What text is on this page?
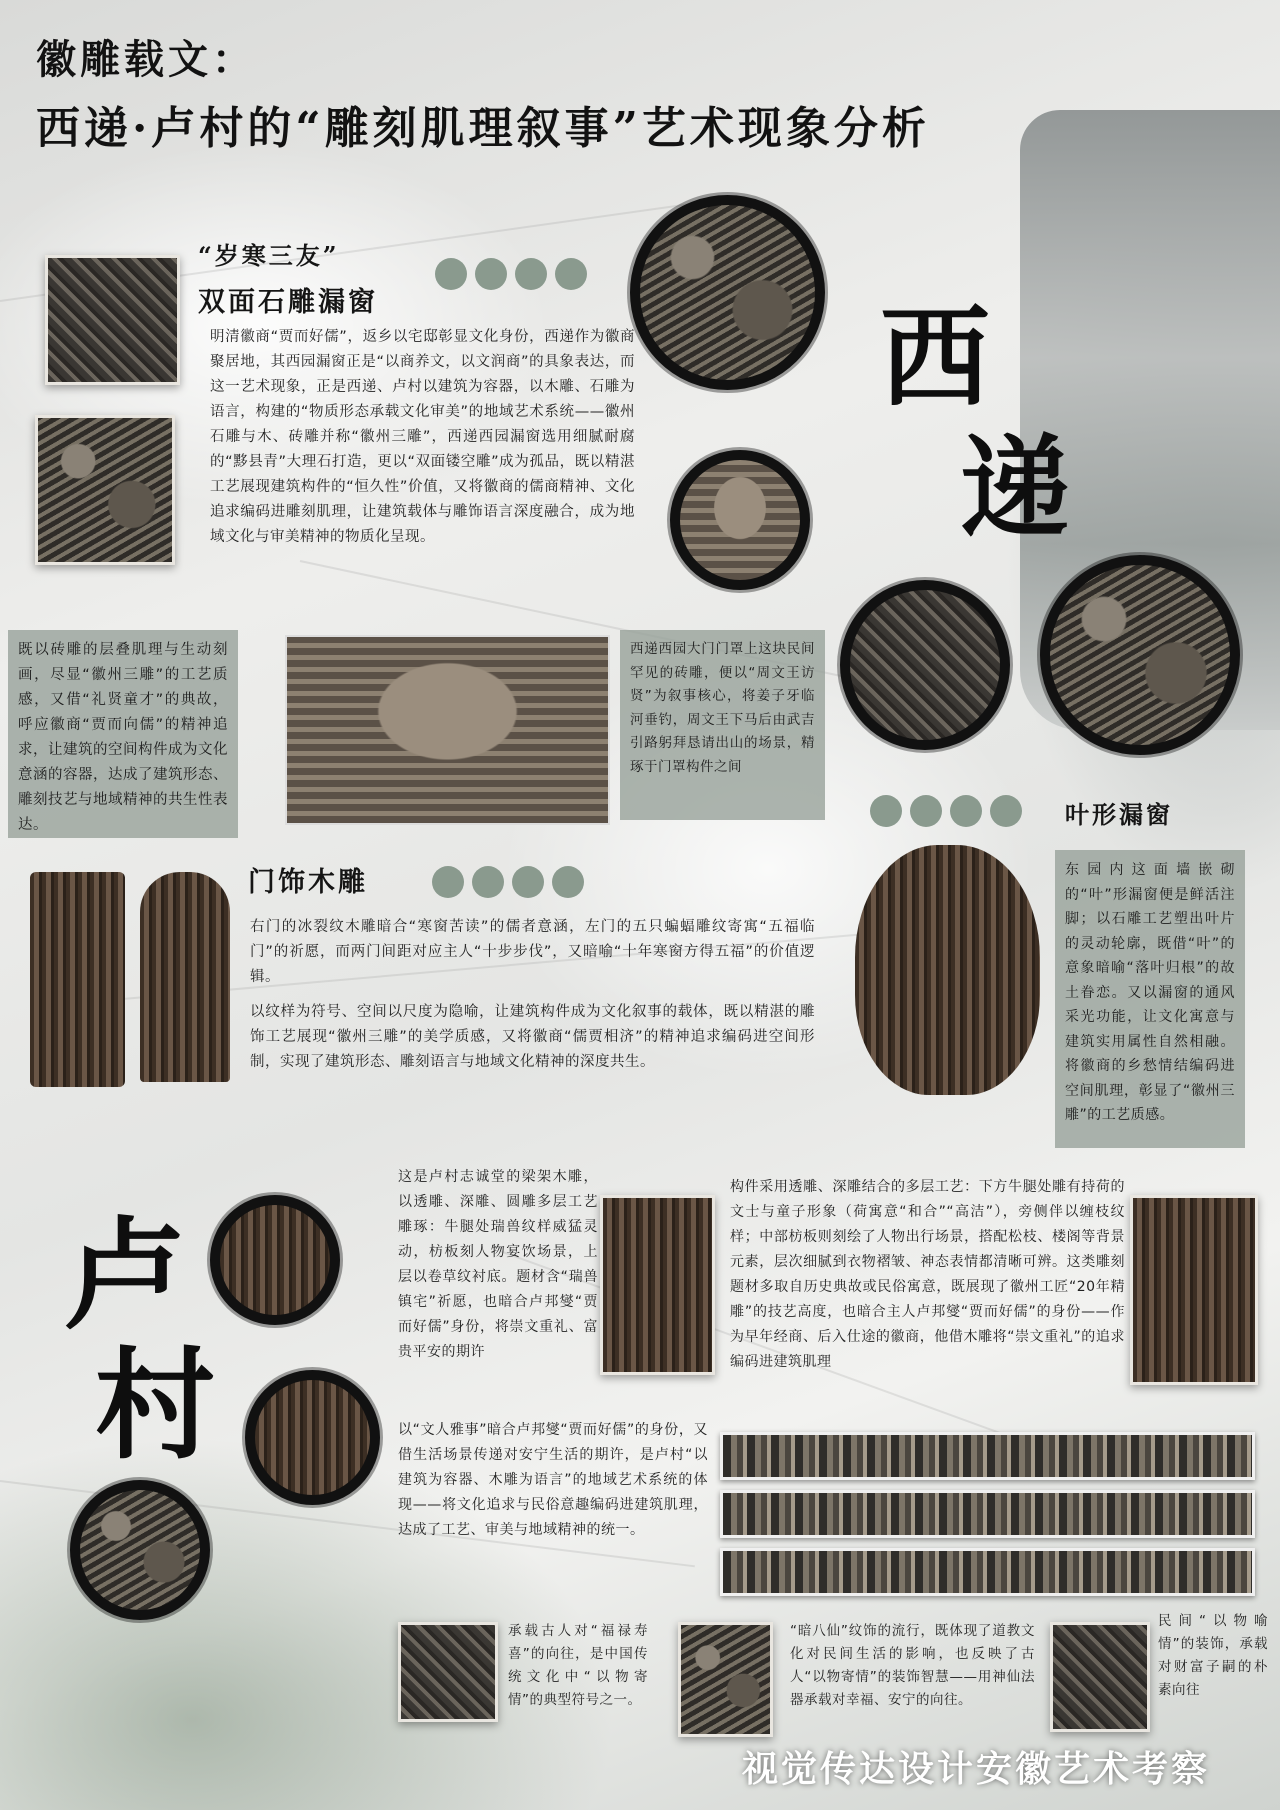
徽雕载文：
西递·卢村的“雕刻肌理叙事”艺术现象分析
“岁寒三友”
双面石雕漏窗
明清徽商“贾而好儒”，返乡以宅邸彰显文化身份，西递作为徽商聚居地，其西园漏窗正是“以商养文，以文润商”的具象表达，而这一艺术现象，正是西递、卢村以建筑为容器，以木雕、石雕为语言，构建的“物质形态承载文化审美”的地域艺术系统——徽州石雕与木、砖雕并称“徽州三雕”，西递西园漏窗选用细腻耐腐的“黟县青”大理石打造，更以“双面镂空雕”成为孤品，既以精湛工艺展现建筑构件的“恒久性”价值，又将徽商的儒商精神、文化追求编码进雕刻肌理，让建筑载体与雕饰语言深度融合，成为地域文化与审美精神的物质化呈现。
西
递
既以砖雕的层叠肌理与生动刻画，尽显“徽州三雕”的工艺质感，又借“礼贤童才”的典故，呼应徽商“贾而向儒”的精神追求，让建筑的空间构件成为文化意涵的容器，达成了建筑形态、雕刻技艺与地域精神的共生性表达。
西递西园大门门罩上这块民间罕见的砖雕，便以“周文王访贤”为叙事核心，将姜子牙临河垂钓，周文王下马后由武吉引路躬拜恳请出山的场景，精琢于门罩构件之间
叶形漏窗
东园内这面墙嵌砌的“叶”形漏窗便是鲜活注脚；以石雕工艺塑出叶片的灵动轮廓，既借“叶”的意象暗喻“落叶归根”的故土眷恋。又以漏窗的通风采光功能，让文化寓意与建筑实用属性自然相融。将徽商的乡愁情结编码进空间肌理，彰显了“徽州三雕”的工艺质感。
门饰木雕
右门的冰裂纹木雕暗合“寒窗苦读”的儒者意涵，左门的五只蝙蝠雕纹寄寓“五福临门”的祈愿，而两门间距对应主人“十步步伐”，又暗喻“十年寒窗方得五福”的价值逻辑。
以纹样为符号、空间以尺度为隐喻，让建筑构件成为文化叙事的载体，既以精湛的雕饰工艺展现“徽州三雕”的美学质感，又将徽商“儒贾相济”的精神追求编码进空间形制，实现了建筑形态、雕刻语言与地域文化精神的深度共生。
卢
村
这是卢村志诚堂的梁架木雕，以透雕、深雕、圆雕多层工艺雕琢：牛腿处瑞兽纹样威猛灵动，枋板刻人物宴饮场景，上层以卷草纹衬底。题材含“瑞兽镇宅”祈愿，也暗合卢邦燮“贾而好儒”身份，将崇文重礼、富贵平安的期许
构件采用透雕、深雕结合的多层工艺：下方牛腿处雕有持荷的文士与童子形象（荷寓意“和合”“高洁”），旁侧伴以缠枝纹样；中部枋板则刻绘了人物出行场景，搭配松枝、楼阁等背景元素，层次细腻到衣物褶皱、神态表情都清晰可辨。这类雕刻题材多取自历史典故或民俗寓意，既展现了徽州工匠“20年精雕”的技艺高度，也暗合主人卢邦燮“贾而好儒”的身份——作为早年经商、后入仕途的徽商，他借木雕将“崇文重礼”的追求编码进建筑肌理
以“文人雅事”暗合卢邦燮“贾而好儒”的身份，又借生活场景传递对安宁生活的期许，是卢村“以建筑为容器、木雕为语言”的地域艺术系统的体现——将文化追求与民俗意趣编码进建筑肌理，达成了工艺、审美与地域精神的统一。
承载古人对“福禄寿喜”的向往，是中国传统文化中“以物寄情”的典型符号之一。
“暗八仙”纹饰的流行，既体现了道教文化对民间生活的影响，也反映了古人“以物寄情”的装饰智慧——用神仙法器承载对幸福、安宁的向往。
民间“以物喻情”的装饰，承载对财富子嗣的朴素向往
视觉传达设计安徽艺术考察
